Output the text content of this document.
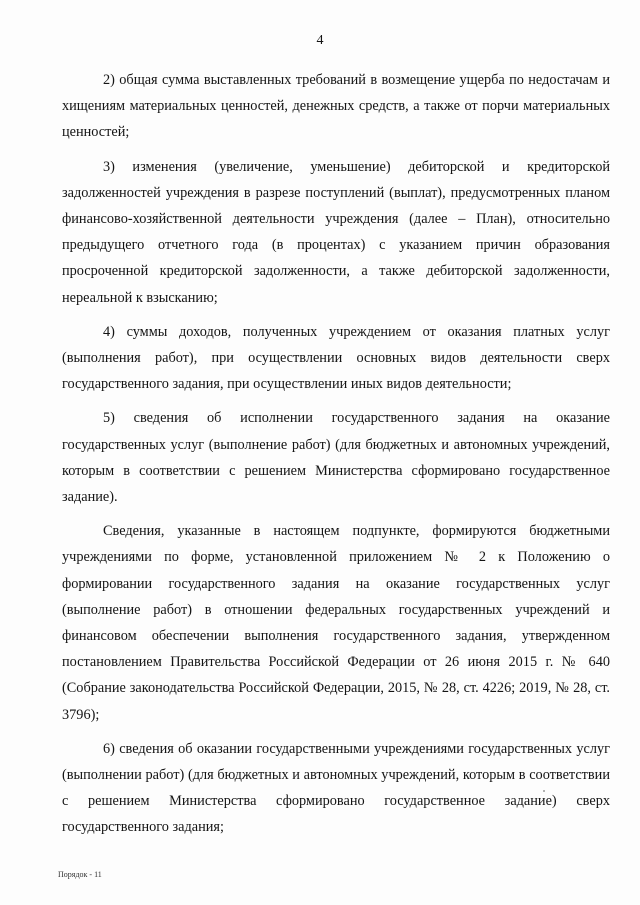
4

2) общая сумма выставленных требований в возмещение ущерба по недостачам и хищениям материальных ценностей, денежных средств, а также от порчи материальных ценностей;

3) изменения (увеличение, уменьшение) дебиторской и кредиторской задолженностей учреждения в разрезе поступлений (выплат), предусмотренных планом финансово-хозяйственной деятельности учреждения (далее – План), относительно предыдущего отчетного года (в процентах) с указанием причин образования просроченной кредиторской задолженности, а также дебиторской задолженности, нереальной к взысканию;

4) суммы доходов, полученных учреждением от оказания платных услуг (выполнения работ), при осуществлении основных видов деятельности сверх государственного задания, при осуществлении иных видов деятельности;

5) сведения об исполнении государственного задания на оказание государственных услуг (выполнение работ) (для бюджетных и автономных учреждений, которым в соответствии с решением Министерства сформировано государственное задание).

Сведения, указанные в настоящем подпункте, формируются бюджетными учреждениями по форме, установленной приложением № 2 к Положению о формировании государственного задания на оказание государственных услуг (выполнение работ) в отношении федеральных государственных учреждений и финансовом обеспечении выполнения государственного задания, утвержденном постановлением Правительства Российской Федерации от 26 июня 2015 г. № 640 (Собрание законодательства Российской Федерации, 2015, № 28, ст. 4226; 2019, № 28, ст. 3796);

6) сведения об оказании государственными учреждениями государственных услуг (выполнении работ) (для бюджетных и автономных учреждений, которым в соответствии с решением Министерства сформировано государственное задание) сверх государственного задания;

Порядок - 11
